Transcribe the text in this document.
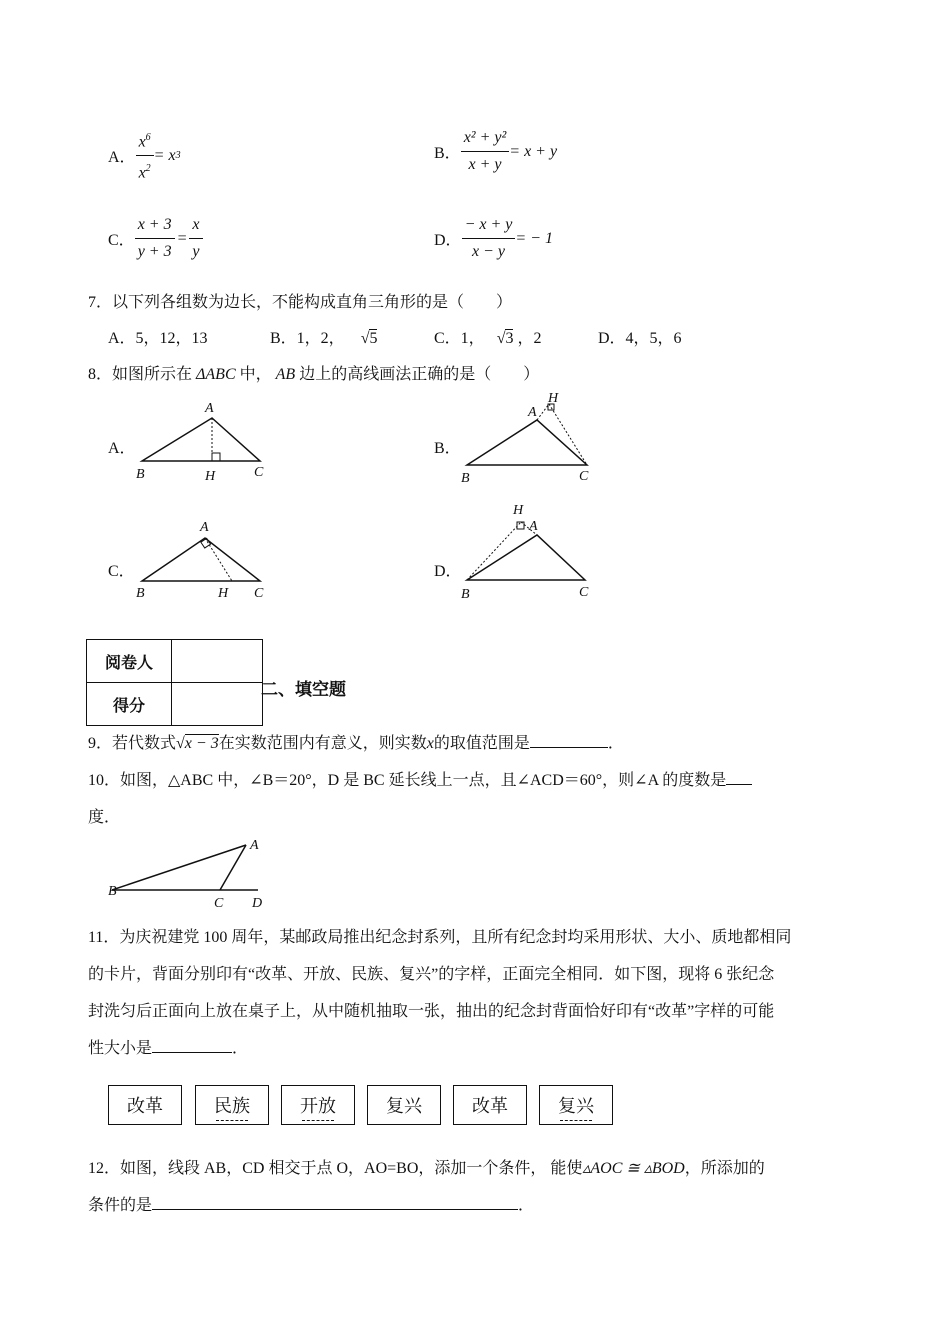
A． $\frac{x^6}{x^2} = x$ 3	B． $\frac{\text{x² + y²}}{x + y} = x + y$
C． $\frac{x + 3}{y + 3} = \frac{x}{y}$	D． $\frac{- x + y}{x - y}$ = − 1
7．以下列各组数为边长，不能构成直角三角形的是（　　）
A．5，12，13	B．1，2， √5	C．1， √3 ，2	D．4，5，6
8．如图所示在 ΔABC 中， AB 边上的高线画法正确的是（　　）
A．	B．
C．	D．
A
B	H	C
A
H
B	C
A
B	H C
A
H
B	C
阅卷人	
得分	
二、填空题
9．若代数式√x − 3在实数范围内有意义，则实数x的取值范围是	．
10．如图，△ABC 中，∠B＝20°，D 是 BC 延长线上一点，且∠ACD＝60°，则∠A 的度数是
度．
A
B
C D
11．为庆祝建党 100 周年，某邮政局推出纪念封系列，且所有纪念封均采用形状、大小、质地都相同
的卡片，背面分别印有“改革、开放、民族、复兴”的字样，正面完全相同．如下图，现将 6 张纪念
封洗匀后正面向上放在桌子上，从中随机抽取一张，抽出的纪念封背面恰好印有“改革”字样的可能
性大小是	．
改革	民族	开放	复兴	改革	复兴
12．如图，线段 AB，CD 相交于点 O，AO=BO，添加一个条件， 能使▵AOC ≅ ▵BOD，所添加的
条件的是	．
